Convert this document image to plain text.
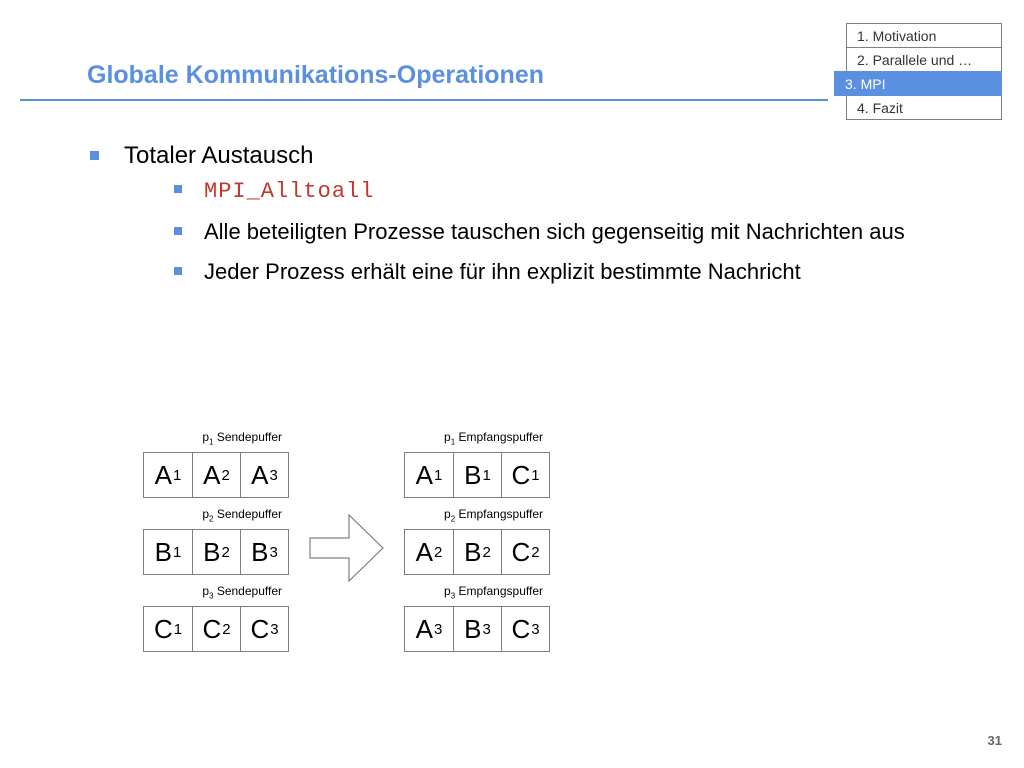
Globale Kommunikations-Operationen
1. Motivation
2. Parallele und …
3. MPI
4. Fazit
Totaler Austausch
MPI_Alltoall
Alle beteiligten Prozesse tauschen sich gegenseitig mit Nachrichten aus
Jeder Prozess erhält eine für ihn explizit bestimmte Nachricht
$p_1$ Sendepuffer
A 1 A 2 A 3
$p_2$ Sendepuffer
B 1 B 2 B 3
$p_3$ Sendepuffer
C 1 C 2 C 3
$p_1$ Empfangspuffer
A 1 B 1 C 1
$p_2$ Empfangspuffer
A 2 B 2 C 2
$p_3$ Empfangspuffer
A 3 B 3 C 3
31
